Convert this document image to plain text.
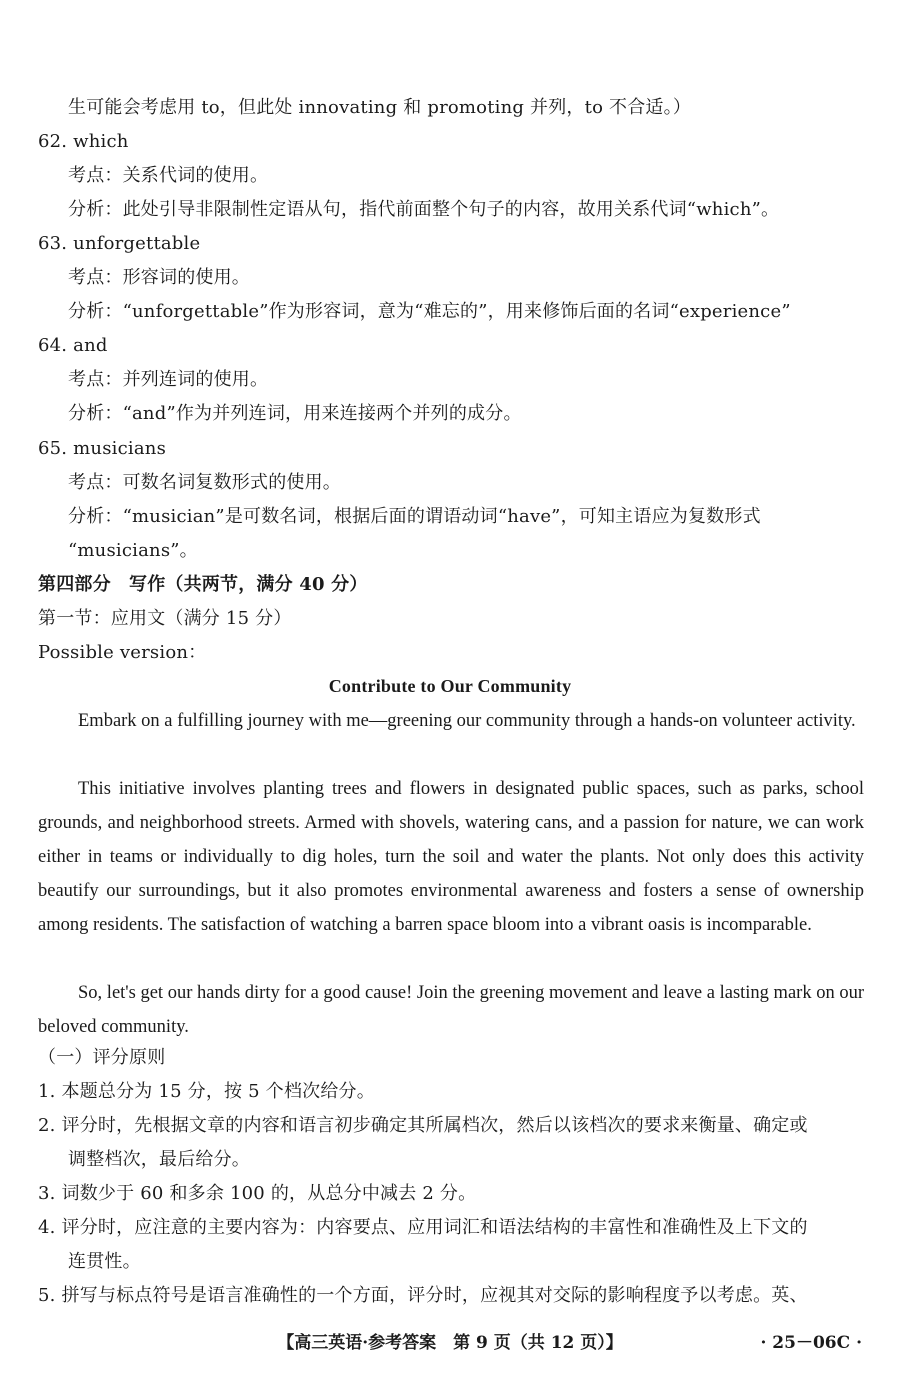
生可能会考虑用 to，但此处 innovating 和 promoting 并列，to 不合适。）
62. which
考点：关系代词的使用。
分析：此处引导非限制性定语从句，指代前面整个句子的内容，故用关系代词“which”。
63. unforgettable
考点：形容词的使用。
分析：“unforgettable”作为形容词，意为“难忘的”，用来修饰后面的名词“experience”
64. and
考点：并列连词的使用。
分析：“and”作为并列连词，用来连接两个并列的成分。
65. musicians
考点：可数名词复数形式的使用。
分析：“musician”是可数名词，根据后面的谓语动词“have”，可知主语应为复数形式
“musicians”。
第四部分　写作（共两节，满分 40 分）
第一节：应用文（满分 15 分）
Possible version：
Contribute to Our Community
Embark on a fulfilling journey with me—greening our community through a hands-on volunteer activity.
This initiative involves planting trees and flowers in designated public spaces, such as parks, school grounds, and neighborhood streets. Armed with shovels, watering cans, and a passion for nature, we can work either in teams or individually to dig holes, turn the soil and water the plants. Not only does this activity beautify our surroundings, but it also promotes environmental awareness and fosters a sense of ownership among residents. The satisfaction of watching a barren space bloom into a vibrant oasis is incomparable.
So, let's get our hands dirty for a good cause! Join the greening movement and leave a lasting mark on our beloved community.
（一）评分原则
1. 本题总分为 15 分，按 5 个档次给分。
2. 评分时，先根据文章的内容和语言初步确定其所属档次，然后以该档次的要求来衡量、确定或
调整档次，最后给分。
3. 词数少于 60 和多余 100 的，从总分中减去 2 分。
4. 评分时，应注意的主要内容为：内容要点、应用词汇和语法结构的丰富性和准确性及上下文的
连贯性。
5. 拼写与标点符号是语言准确性的一个方面，评分时，应视其对交际的影响程度予以考虑。英、
【高三英语·参考答案　第 9 页（共 12 页）】	· 25－06C ·
